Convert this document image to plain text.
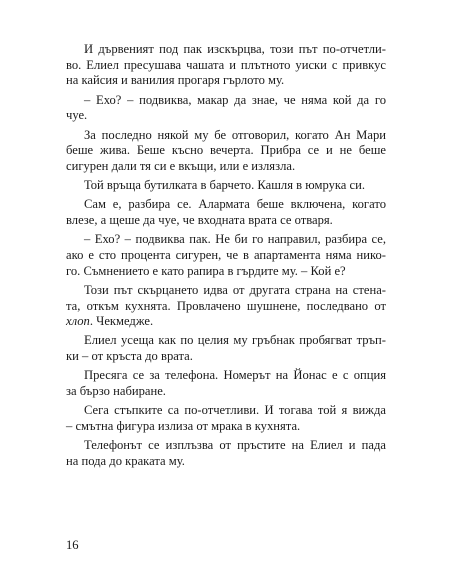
И дървеният под пак изскърцва, този път по-отчетли-
во. Елиел пресушава чашата и плътното уиски с привкус
на кайсия и ванилия прогаря гърлото му.
– Ехо? – подвиква, макар да знае, че няма кой да го
чуе.
За последно някой му бе отговорил, когато Ан Мари
беше жива. Беше късно вечерта. Прибра се и не беше
сигурен дали тя си е вкъщи, или е излязла.
Той връща бутилката в барчето. Кашля в юмрука си.
Сам е, разбира се. Алармата беше включена, когато
влезе, а щеше да чуе, че входната врата се отваря.
– Ехо? – подвиква пак. Не би го направил, разбира се,
ако е сто процента сигурен, че в апартамента няма нико-
го. Съмнението е като рапира в гърдите му. – Кой е?
Този път скърцането идва от другата страна на стена-
та, откъм кухнята. Провлачено шушнене, последвано от
хлоп. Чекмедже.
Елиел усеща как по целия му гръбнак пробягват тръп-
ки – от кръста до врата.
Пресяга се за телефона. Номерът на Йонас е с опция
за бързо набиране.
Сега стъпките са по-отчетливи. И тогава той я вижда
– смътна фигура излиза от мрака в кухнята.
Телефонът се изплъзва от пръстите на Елиел и пада
на пода до краката му.
16
